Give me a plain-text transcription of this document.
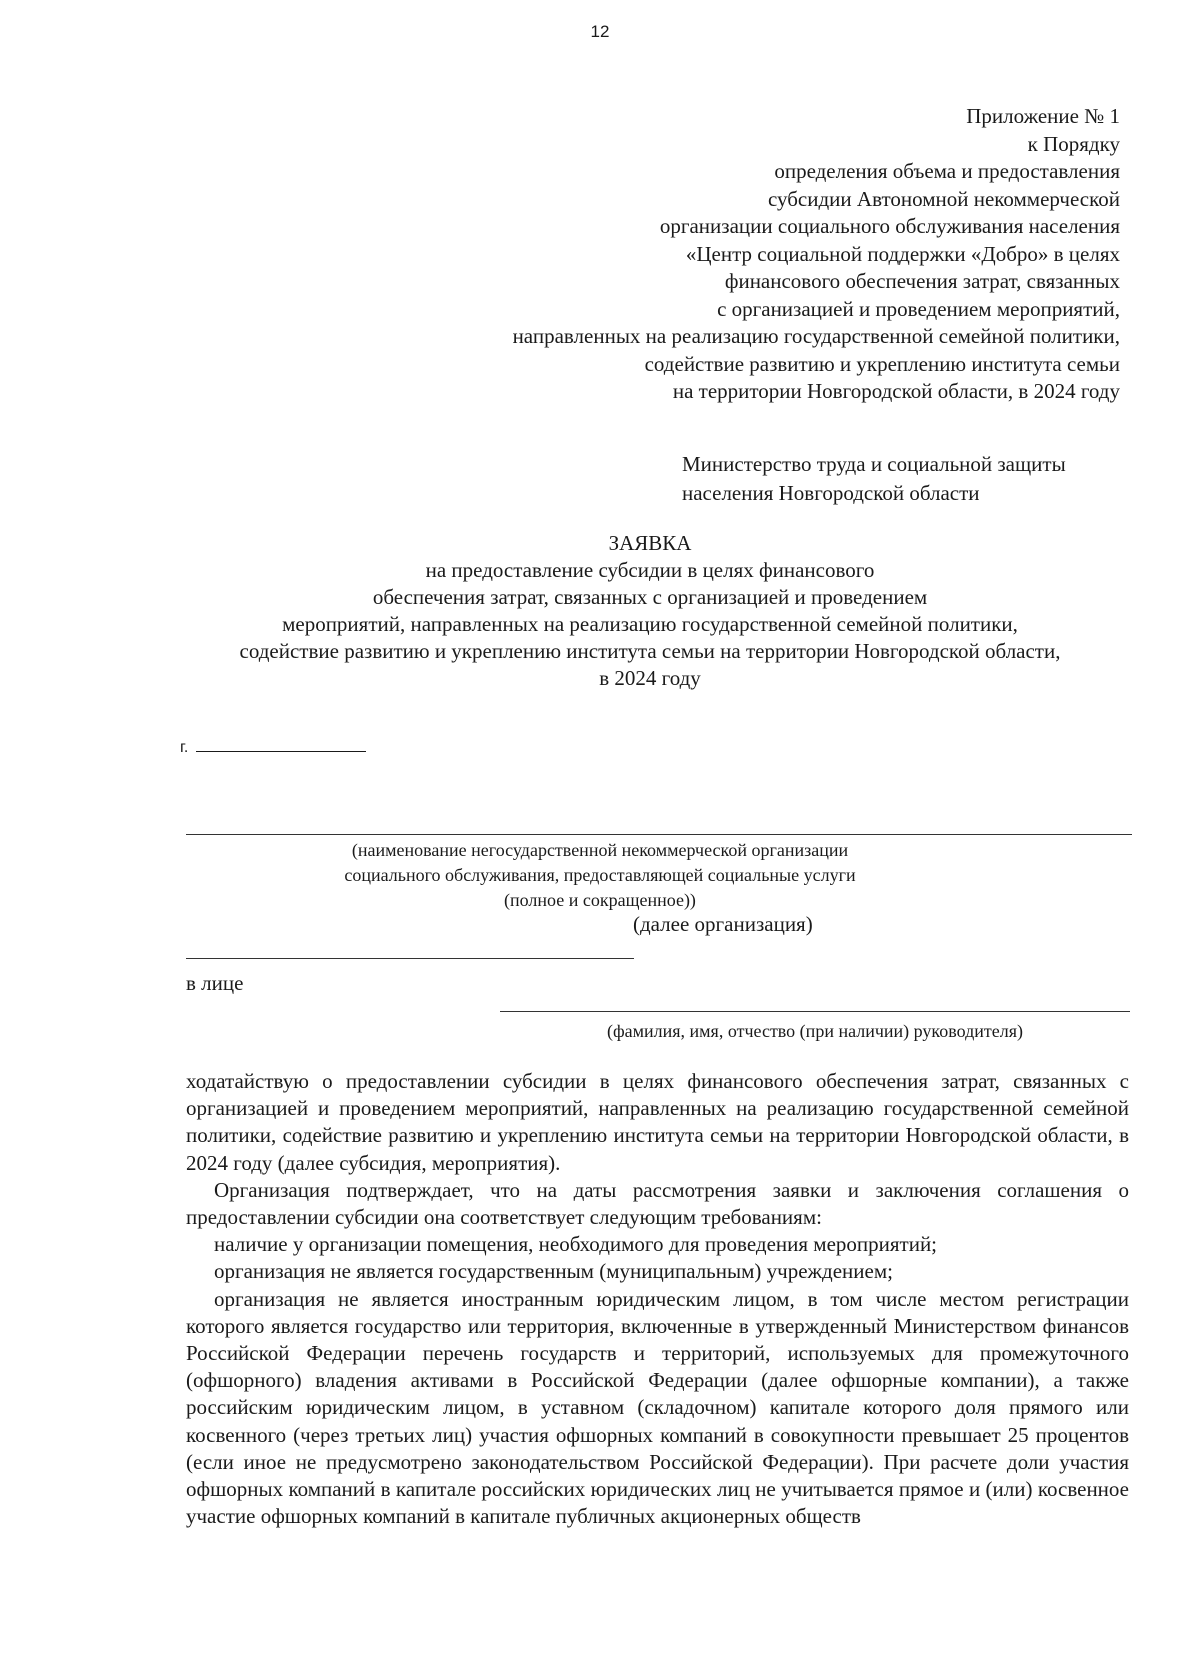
12
Приложение № 1
к Порядку
определения объема и предоставления
субсидии Автономной некоммерческой
организации социального обслуживания населения
«Центр социальной поддержки «Добро» в целях
финансового обеспечения затрат, связанных
с организацией и проведением мероприятий,
направленных на реализацию государственной семейной политики,
содействие развитию и укреплению института семьи
на территории Новгородской области, в 2024 году
Министерство труда и социальной защиты
населения Новгородской области
ЗАЯВКА
на предоставление субсидии в целях финансового
обеспечения затрат, связанных с организацией и проведением
мероприятий, направленных на реализацию государственной семейной политики,
содействие развитию и укреплению института семьи на территории Новгородской области,
в 2024 году
г.
(наименование негосударственной некоммерческой организации
социального обслуживания, предоставляющей социальные услуги
(полное и сокращенное))
(далее организация)
в лице
(фамилия, имя, отчество (при наличии) руководителя)

ходатайствую о предоставлении субсидии в целях финансового обеспечения затрат, связанных с организацией и проведением мероприятий, направленных на реализацию государственной семейной политики, содействие развитию и укреплению института семьи на территории Новгородской области, в 2024 году (далее субсидия, мероприятия).

Организация подтверждает, что на даты рассмотрения заявки и заключения соглашения о предоставлении субсидии она соответствует следующим требованиям:

наличие у организации помещения, необходимого для проведения мероприятий;

организация не является государственным (муниципальным) учреждением;

организация не является иностранным юридическим лицом, в том числе местом регистрации которого является государство или территория, включенные в утвержденный Министерством финансов Российской Федерации перечень государств и территорий, используемых для промежуточного (офшорного) владения активами в Российской Федерации (далее офшорные компании), а также российским юридическим лицом, в уставном (складочном) капитале которого доля прямого или косвенного (через третьих лиц) участия офшорных компаний в совокупности превышает 25 процентов (если иное не предусмотрено законодательством Российской Федерации). При расчете доли участия офшорных компаний в капитале российских юридических лиц не учитывается прямое и (или) косвенное участие офшорных компаний в капитале публичных акционерных обществ
